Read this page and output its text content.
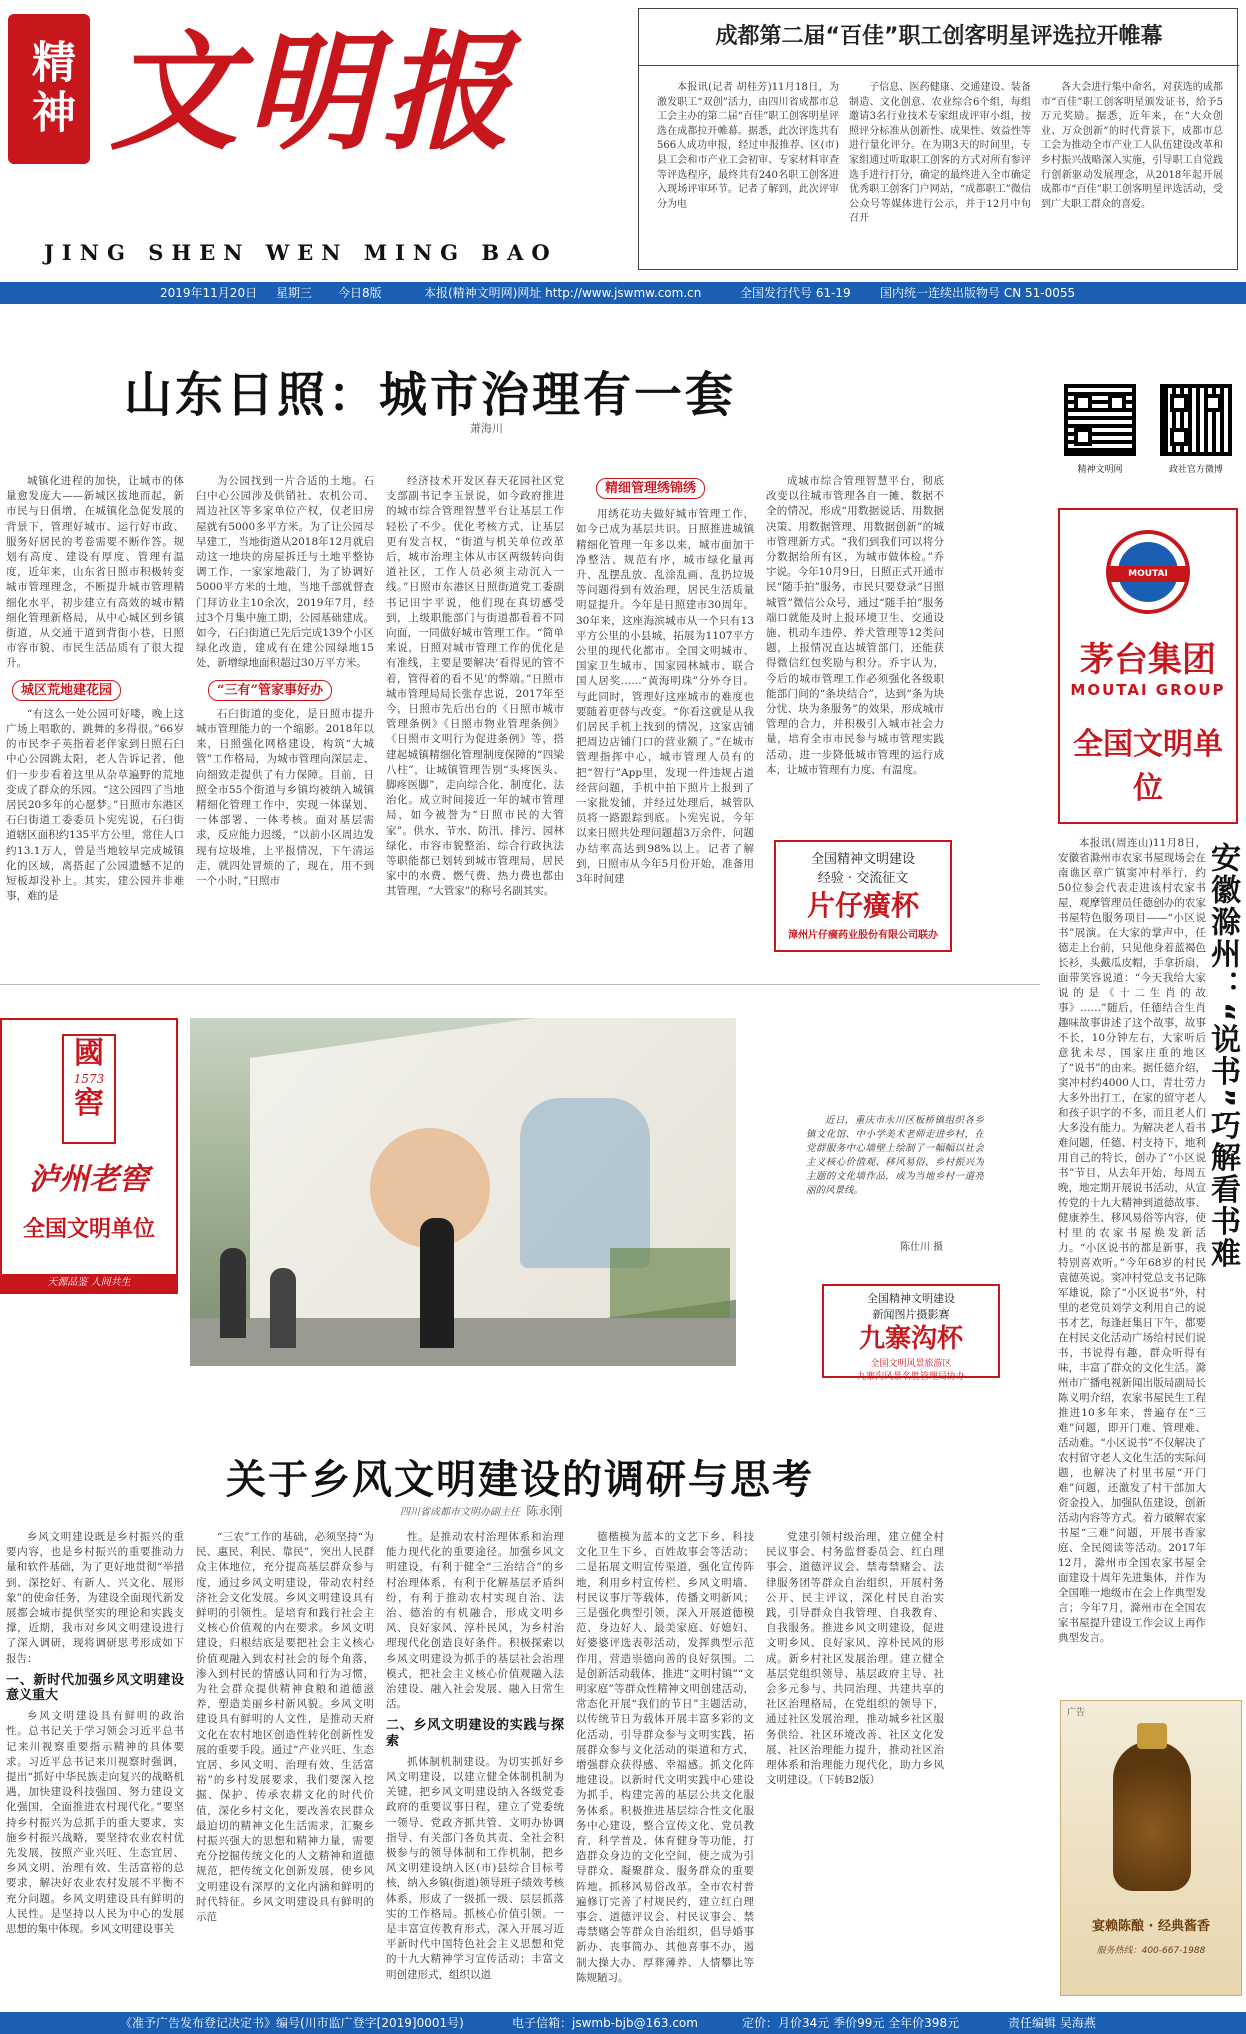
精神 文明报
JING SHEN WEN MING BAO
成都第二届“百佳”职工创客明星评选拉开帷幕

本报讯(记者 胡桂芳)11月18日，为激发职工“双创”活力，由四川省成都市总工会主办的第二届“百佳”职工创客明星评选在成都拉开帷幕。据悉，此次评选共有566人成功申报，经过申报推荐、区(市)县工会和市产业工会初审、专家材料审查等评选程序，最终共有240名职工创客进入现场评审环节。记者了解到，此次评审分为电

子信息、医药健康、交通建设、装备制造、文化创意、农业综合6个组，每组邀请3名行业技术专家组成评审小组，按照评分标准从创新性、成果性、效益性等进行量化评分。在为期3天的时间里，专家组通过听取职工创客的方式对所有参评选手进行打分，确定的最终进入全市确定优秀职工创客门户网站，“成都职工”微信公众号等媒体进行公示，并于12月中旬召开

各大会进行集中命名，对获选的成都市“百佳”职工创客明星颁发证书，给予5万元奖励。据悉，近年来，在“大众创业、万众创新”的时代背景下，成都市总工会为推动全市产业工人队伍建设改革和乡村振兴战略深入实施，引导职工自觉践行创新驱动发展理念，从2018年起开展成都市“百佳”职工创客明星评选活动，受到广大职工群众的喜爱。

2019年11月20日 星期三 今日8版	本报(精神文明网)网址 http://www.jswmw.com.cn	全国发行代号 61-19 国内统一连续出版物号 CN 51-0055
山东日照：城市治理有一套
萧海川

城镇化进程的加快，让城市的体量愈发庞大——新城区拔地而起，新市民与日俱增，在城镇化急促发展的背景下，管理好城市、运行好市政、服务好居民的考卷需要不断作答。规划有高度、建设有厚度、管理有温度，近年来，山东省日照市积极转变城市管理理念，不断提升城市管理精细化水平，初步建立有高效的城市精细化管理新格局，从中心城区到乡镇街道，从交通干道到背街小巷，日照市容市貌、市民生活品质有了很大提升。

城区荒地建花园

“有这么一处公园可好喽，晚上这广场上唱歌的、跳舞的多得很。”66岁的市民李子英指着老伴家到日照石臼中心公园跳太阳，老人告诉记者，他们一步步看着这里从杂草遍野的荒地变成了群众的乐园。“这公园四了当地居民20多年的心愿梦。”日照市东港区石臼街道工委委员卜宪宪说，石臼街道辖区面积约135平方公里，常住人口约13.1万人，曾是当地较早完成城镇化的区域，离搭起了公园遗憾不足的短板却没补上。其实，建公园并非难事，难的是

为公园找到一片合适的土地。石臼中心公园涉及供销社、农机公司、周边社区等多家单位产权，仅老旧房屋就有5000多平方米。为了让公园尽早建工，当地街道从2018年12月就启动这一地块的房屋拆迁与土地平整协调工作，一家家地敲门，为了协调好5000平方米的土地，当地千部就督查门拜访业主10余次，2019年7月，经过3个月集中施工期，公园基础建成。如今，石臼街道已先后完成139个小区绿化改造，建成有在建公园绿地15处，新增绿地面积超过30万平方米。

“三有”管家事好办

石臼街道的变化，是日照市提升城市管理能力的一个缩影。2018年以来，日照强化网格建设，构筑“大城管”工作格局，为城市管理向深层走、向细致走提供了有力保障。目前，日照全市55个街道与乡镇均被纳入城镇精细化管理工作中，实现一体谋划、一体部署、一体考核。面对基层需求，反应能力迟缓，“以前小区周边发现有垃圾堆，上平报情况，下午清运走，就四处冒烦的了，现在，用不到一个小时，”日照市

经济技术开发区春天花园社区党支部副书记李玉景说，如今政府推进的城市综合管理智慧平台让基层工作轻松了不少。优化考核方式，让基层更有发言权，“街道与机关单位改革后，城市治理主体从市区两级转向街道社区，工作人员必须主动沉入一线。”日照市东港区日照街道党工委副书记田宇平说，他们现在真切感受到，上级职能部门与街道都看着不同向面，一同做好城市管理工作。“简单来说，日照对城市管理工作的优化是有准线，主要是要解决‘看得见的管不着，管得着的看不见’的弊端。”日照市城市管理局局长张存忠说，2017年至今，日照市先后出台的《日照市城市管理条例》《日照市物业管理条例》《日照市文明行为促进条例》等，搭建起城镇精细化管理制度保障的“四梁八柱”，让城镇管理告别“头疼医头、脚疼医脚”，走向综合化、制度化、法治化。成立时间接近一年的城市管理局，如今被誉为“日照市民的大管家”。供水、节水、防汛、排污、园林绿化、市容市貌整治、综合行政执法等职能都已划转到城市管理局，居民家中的水费、燃气费、热力费也都由其管理，“大管家”的称号名副其实。

精细管理绣锦绣

用绣花功夫做好城市管理工作，如今已成为基层共识。日照推进城镇精细化管理一年多以来，城市面加干净整洁、规范有序，城市绿化量再升、乱摆乱放、乱涂乱画、乱扔垃圾等问题得到有效治理，居民生活质量明显提升。今年是日照建市30周年。30年来，这座海滨城市从一个只有13平方公里的小县城，拓展为1107平方公里的现代化都市。全国文明城市、国家卫生城市、国家园林城市、联合国人居奖……“黄海明珠”分外夺目。与此同时，管理好这座城市的难度也要随着更替与改变。“你看这就是从我们居民手机上找到的情况，这家店铺把周边店铺门口的营业额了。”在城市管理指挥中心，城市管理人员有的把“智行”App里，发现一件违规占道经营问题，手机中拍下照片上报到了一家批发铺，并经过处理后，城管队员将一路跟踪到底。卜宪宪说，今年以来日照共处理问题超3万余件，问题办结率高达到98%以上。记者了解到，日照市从今年5月份开始，准备用3年时间建

成城市综合管理智慧平台，彻底改变以往城市管理各自一摊、数据不全的情况，形成“用数据说话、用数据决策、用数据管理、用数据创新”的城市管理新方式。“我们到我们可以将分分数据给所有区，为城市做体检。”乔宇说。今年10月9日，日照正式开通市民“随手拍”服务，市民只要登录“日照城管”微信公众号，通过“随手拍”服务端口就能及时上报环境卫生、交通设施、机动车违停、养犬管理等12类问题，上报情况直达城管部门，还能获得微信红包奖励与积分。乔宇认为，今后的城市管理工作必须强化各级职能部门间的“条块结合”，达到“条为块分忧、块为条服务”的效果，形成城市管理的合力，并积极引入城市社会力量，培育全市市民参与城市管理实践活动，进一步降低城市管理的运行成本，让城市管理有力度、有温度。

全国精神文明建设
经验 · 交流征文
片仔癀杯
漳州片仔癀药业股份有限公司联办
精神文明网	政社官方微博
MOUTAI
茅台集团
MOUTAI GROUP
全国文明单位
安徽滁州：“说书”巧解看书难

本报讯(周连山)11月8日，安徽省滁州市农家书屋现场会在南谯区章广镇窦冲村举行，约50位参会代表走进该村农家书屋，观摩管理员任德创办的农家书屋特色服务项目——“小区说书”展演。在大家的掌声中，任德走上台前，只见他身着蓝褐色长衫，头戴瓜皮帽，手拿折扇，面带笑容说道：“今天我给大家说的是《十二生肖的故事》……”随后，任德结合生肖趣味故事讲述了这个故事，故事不长，10分钟左右，大家听后意犹未尽，国家庄重的地区了“说书”的由来。据任德介绍，窦冲村约4000人口，青壮劳力大多外出打工，在家的留守老人和孩子识字的不多，而且老人们大多没有能力。为解决老人看书难问题，任德、村支持下，地利用自己的特长，创办了“小区说书”节目，从去年开始，每周五晚，地定期开展说书活动，从宣传党的十九大精神到道德故事、健康养生、移风易俗等内容，使村里的农家书屋焕发新活力。“小区说书的都是新事，我特别喜欢听。”今年68岁的村民袁德英说。窦冲村党总支书记陈军雄说，除了“小区说书”外，村里的老党员刘学文利用自己的说书才艺，每逢赶集日下午，都要在村民文化活动广场给村民们说书，书说得有趣，群众听得有味，丰富了群众的文化生活。滁州市广播电视新闻出版局副局长陈义明介绍，农家书屋民生工程推进10多年来，普遍存在“三难”问题，即开门难、管理难、活动难。“小区说书”不仅解决了农村留守老人文化生活的实际问题，也解决了村里书屋“开门难”问题，还激发了村干部加大资金投入，加强队伍建设，创新活动内容等方式。着力破解农家书屋“三难”问题，开展书香家庭、全民阅读等活动。2017年12月，滁州市全国农家书屋全面建设十周年先进集体，并作为全国唯一地级市在会上作典型发言；今年7月，滁州市在全国农家书屋提升建设工作会议上再作典型发言。

國
1573
窖
泸州老窖
全国文明单位
天源品鉴 人间共生

近日，重庆市永川区板桥镇组织各乡镇文化馆、中小学美术老师走进乡村，在党群服务中心墙壁上绘制了一幅幅以社会主义核心价值观、移风易俗、乡村振兴为主题的文化墙作品，成为当地乡村一道亮丽的风景线。

陈仕川 摄
全国精神文明建设
新闻图片摄影赛
九寨沟杯
全国文明风景旅游区
九寨沟风景名胜管理局协办
关于乡风文明建设的调研与思考
四川省成都市文明办副主任 陈永刚

乡风文明建设既是乡村振兴的重要内容，也是乡村振兴的重要推动力量和软件基础，为了更好地贯彻“举措到、深挖好、有新人、兴文化、展形象”的使命任务，为建设全面现代新发展都会城市提供坚实的理论和实践支撑，近期，我市对乡风文明建设进行了深入调研，现将调研思考形成如下报告：

一、新时代加强乡风文明建设意义重大

乡风文明建设具有鲜明的政治性。总书记关于学习领会习近平总书记来川视察重要指示精神的具体要求。习近平总书记来川视察时强调，提出“抓好中华民族走向复兴的战略机遇，加快建设科技强国、努力建设文化强国，全面推进农村现代化。”要坚持乡村振兴为总抓手的重大要求，实施乡村振兴战略，要坚持农业农村优先发展，按照产业兴旺、生态宜居、乡风文明、治理有效、生活富裕的总要求，解决好农业农村发展不平衡不充分问题。乡风文明建设具有鲜明的人民性。是坚持以人民为中心的发展思想的集中体现。乡风文明建设事关

“三农”工作的基础，必须坚持“为民、惠民、利民、靠民”，突出人民群众主体地位，充分提高基层群众参与度，通过乡风文明建设，带动农村经济社会文化发展。乡风文明建设具有鲜明的引领性。是培育和践行社会主义核心价值观的内在要求。乡风文明建设，归根结底是要把社会主义核心价值观融入到农村社会的每个角落，渗入到村民的情感认同和行为习惯，为社会群众提供精神食粮和道德滋养，塑造美丽乡村新风貌。乡风文明建设具有鲜明的人文性，是推动天府文化在农村地区创造性转化创新性发展的重要手段。通过“产业兴旺、生态宜居、乡风文明、治理有效、生活富裕”的乡村发展要求，我们要深入挖掘、保护、传承农耕文化的时代价值，深化乡村文化，要改善农民群众最迫切的精神文化生活需求，汇聚乡村振兴强大的思想和精神力量，需要充分挖掘传统文化的人文精神和道德规范，把传统文化创新发展，使乡风文明建设有深厚的文化内涵和鲜明的时代特征。乡风文明建设具有鲜明的示范

性。是推动农村治理体系和治理能力现代化的重要途径。加强乡风文明建设，有利于健全“三治结合”的乡村治理体系，有利于化解基层矛盾纠纷，有利于推动农村实现自治、法治、德治的有机融合，形成文明乡风、良好家风、淳朴民风，为乡村治理现代化创造良好条件。积极探索以乡风文明建设为抓手的基层社会治理模式，把社会主义核心价值观融入法治建设、融入社会发展、融入日常生活。

二、乡风文明建设的实践与探索

抓体制机制建设。为切实抓好乡风文明建设，以建立健全体制机制为关键，把乡风文明建设纳入各级党委政府的重要议事日程，建立了党委统一领导、党政齐抓共管、文明办协调指导、有关部门各负其责、全社会积极参与的领导体制和工作机制，把乡风文明建设纳入区(市)县综合目标考核，纳入乡镇(街道)领导班子绩效考核体系，形成了一级抓一级、层层抓落实的工作格局。抓核心价值引领。一是丰富宣传教育形式，深入开展习近平新时代中国特色社会主义思想和党的十九大精神学习宣传活动；丰富文明创建形式，组织以道

德楷模为蓝本的文艺下乡、科技文化卫生下乡、百姓故事会等活动；二是拓展文明宣传渠道，强化宣传阵地，利用乡村宣传栏、乡风文明墙、村民议事厅等载体，传播文明新风；三是强化典型引领，深入开展道德模范、身边好人、最美家庭、好媳妇、好婆婆评选表彰活动，发挥典型示范作用，营造崇德向善的良好氛围。二是创新活动载体，推进“文明村镇”“文明家庭”等群众性精神文明创建活动，常态化开展“我们的节日”主题活动，以传统节日为载体开展丰富多彩的文化活动，引导群众参与文明实践，拓展群众参与文化活动的渠道和方式，增强群众获得感、幸福感。抓文化阵地建设。以新时代文明实践中心建设为抓手，构建完善的基层公共文化服务体系。积极推进基层综合性文化服务中心建设，整合宣传文化、党员教育、科学普及、体育健身等功能，打造群众身边的文化空间，使之成为引导群众、凝聚群众、服务群众的重要阵地。抓移风易俗改革。全市农村普遍修订完善了村规民约，建立红白理事会、道德评议会、村民议事会、禁毒禁赌会等群众自治组织，倡导婚事新办、丧事简办、其他喜事不办，遏制大操大办、厚葬薄养、人情攀比等陈规陋习。

党建引领村级治理，建立健全村民议事会、村务监督委员会、红白理事会、道德评议会、禁毒禁赌会、法律服务团等群众自治组织，开展村务公开、民主评议，深化村民自治实践，引导群众自我管理、自我教育、自我服务。推进乡风文明建设，促进文明乡风、良好家风、淳朴民风的形成。新乡村社区发展治理。建立健全基层党组织领导、基层政府主导、社会多元参与、共同治理、共建共享的社区治理格局，在党组织的领导下，通过社区发展治理，推动城乡社区服务供给、社区环境改善、社区文化发展、社区治理能力提升，推动社区治理体系和治理能力现代化，助力乡风文明建设。（下转B2版）

广告
宴赖陈酿 · 经典酱香
服务热线：400-667-1988
《准予广告发布登记决定书》编号(川市监广登字[2019]0001号)	电子信箱：jswmb-bjb@163.com	定价：月价34元 季价99元 全年价398元	责任编辑 吴海燕
